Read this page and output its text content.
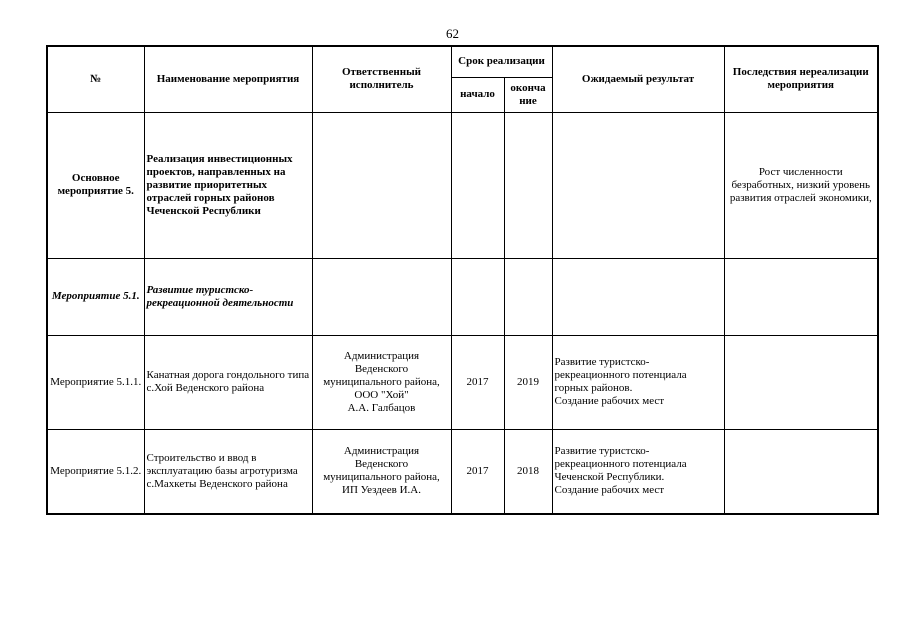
62
№	Наименование мероприятия	Ответственный исполнитель	Срок реализации		Ожидаемый результат	Последствия нереализации мероприятия
			начало	оконча ние		
Основное мероприятие 5.	Реализация инвестиционных проектов, направленных на развитие приоритетных отраслей горных районов Чеченской Республики					Рост численности безработных, низкий уровень развития отраслей экономики,
Мероприятие 5.1.	Развитие туристско-рекреационной деятельности					
Мероприятие 5.1.1.	Канатная дорога гондольного типа с.Хой Веденского района	Администрация
Веденского
муниципального района,
ООО "Хой"
А.А. Галбацов	2017	2019	Развитие туристско-
рекреационного потенциала
горных районов.
Создание рабочих мест	
Мероприятие 5.1.2.	Строительство и ввод в эксплуатацию базы агротуризма с.Махкеты Веденского района	Администрация
Веденского
муниципального района,
ИП Уездеев И.А.	2017	2018	Развитие туристско-
рекреационного потенциала
Чеченской Республики.
Создание рабочих мест	
